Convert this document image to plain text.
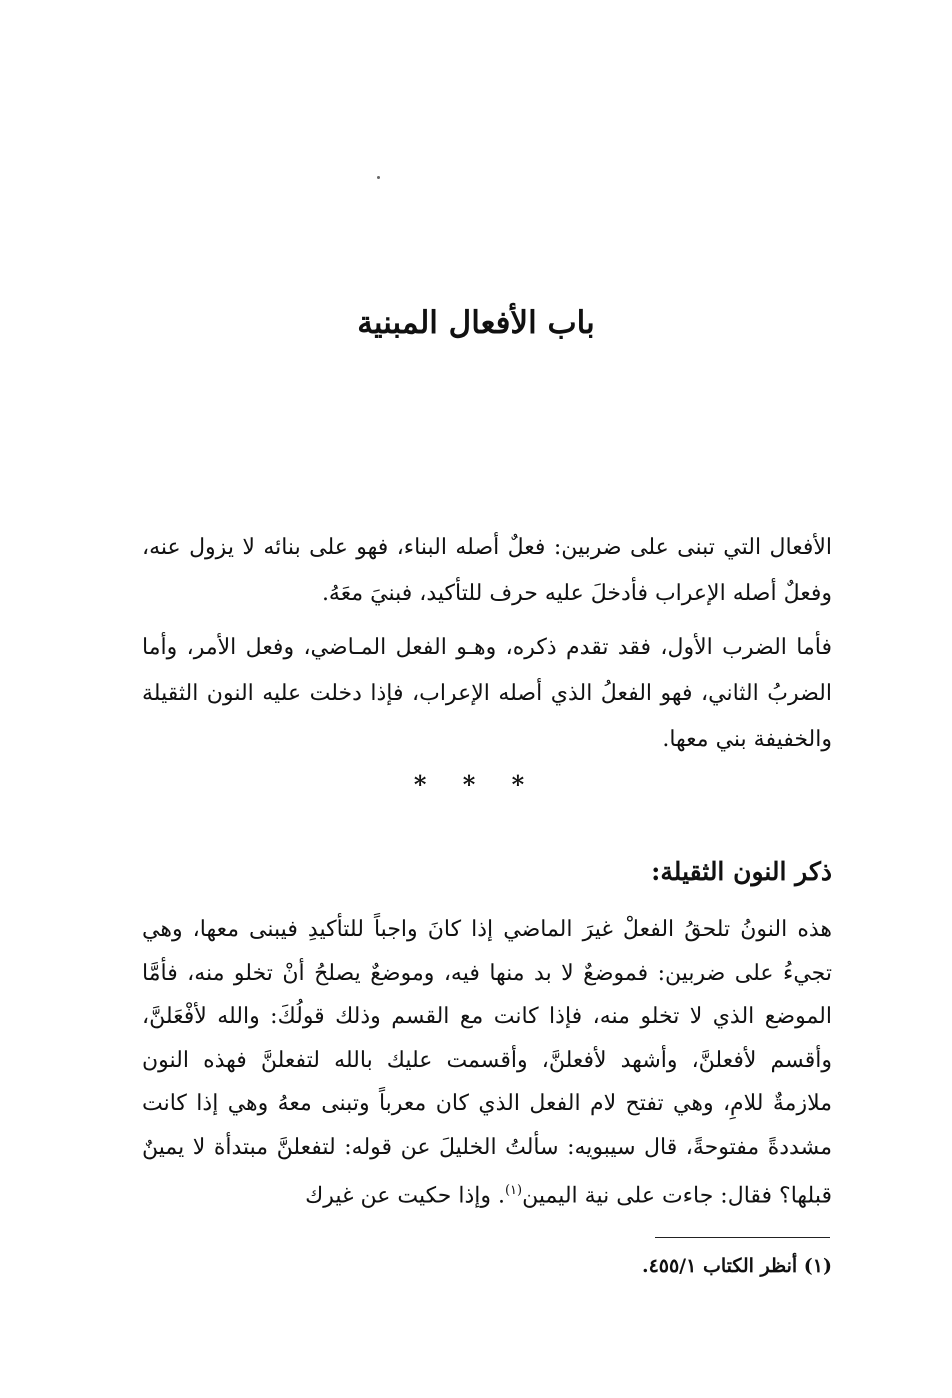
باب الأفعال المبنية

الأفعال التي تبنى على ضربين: فعلٌ أصله البناء، فهو على بنائه لا يزول عنه، وفعلٌ أصله الإعراب فأدخلَ عليه حرف للتأكيد، فبنيَ معَهُ.

فأما الضرب الأول، فقد تقدم ذكره، وهـو الفعل المـاضي، وفعل الأمر، وأما الضربُ الثاني، فهو الفعلُ الذي أصله الإعراب، فإذا دخلت عليه النون الثقيلة والخفيفة بني معها.

* * *
ذكر النون الثقيلة:

هذه النونُ تلحقُ الفعلْ غيرَ الماضي إذا كانَ واجباً للتأكيدِ فيبنى معها، وهي تجيءُ على ضربين: فموضعٌ لا بد منها فيه، وموضعٌ يصلحُ أنْ تخلو منه، فأمَّا الموضع الذي لا تخلو منه، فإذا كانت مع القسم وذلك قولُكَ: والله لأفْعَلنَّ، وأقسم لأفعلنَّ، وأشهد لأفعلنَّ، وأقسمت عليك بالله لتفعلنَّ فهذه النون ملازمةٌ للامِ، وهي تفتح لام الفعل الذي كان معرباً وتبنى معهُ وهي إذا كانت مشددةً مفتوحةً، قال سيبويه: سألتُ الخليلَ عن قوله: لتفعلنَّ مبتدأة لا يمينٌ قبلها؟ فقال: جاءت على نية اليمين$^{(١)}$. وإذا حكيت عن غيرك

(١) أنظر الكتاب ٤٥٥/١.
